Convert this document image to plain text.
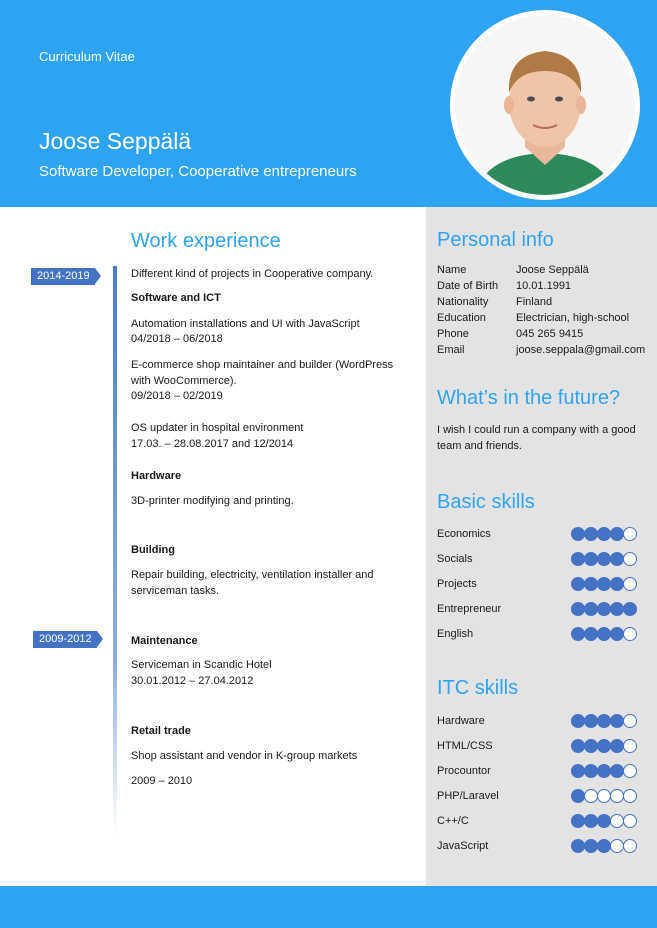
Curriculum Vitae
Joose Seppälä
Software Developer, Cooperative entrepreneurs
Work experience
2014-2019
2009-2012
Different kind of projects in Cooperative company.
Software and ICT
Automation installations and UI with JavaScript
04/2018 – 06/2018
E-commerce shop maintainer and builder (WordPress
with WooCommerce).
09/2018 – 02/2019
OS updater in hospital environment
17.03. – 28.08.2017 and 12/2014
Hardware
3D-printer modifying and printing.
Building
Repair building, electricity, ventilation installer and
serviceman tasks.
Maintenance
Serviceman in Scandic Hotel
30.01.2012 – 27.04.2012
Retail trade
Shop assistant and vendor in K-group markets
2009 – 2010
Personal info
Name	Joose Seppälä
Date of Birth 10.01.1991
Nationality	Finland
Education	Electrician, high-school
Phone	045 265 9415
Email	joose.seppala@gmail.com
What’s in the future?
I wish I could run a company with a good
team and friends.
Basic skills
Economics
Socials
Projects
Entrepreneur
English
ITC skills
Hardware
HTML/CSS
Procountor
PHP/Laravel
C++/C
JavaScript
